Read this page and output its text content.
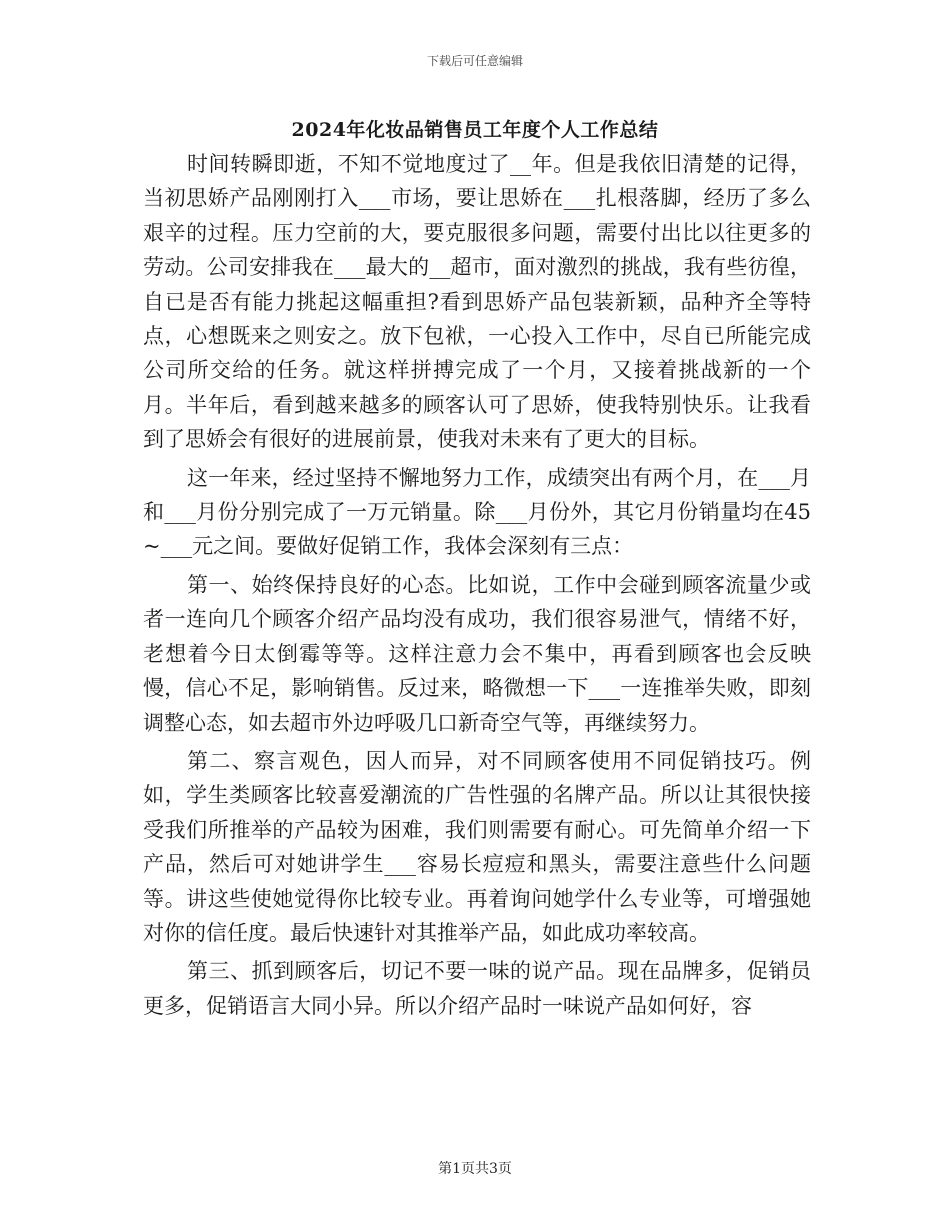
下载后可任意编辑
2024年化妆品销售员工年度个人工作总结

时间转瞬即逝，不知不觉地度过了__年。但是我依旧清楚的记得，当初思娇产品刚刚打入___市场，要让思娇在___扎根落脚，经历了多么艰辛的过程。压力空前的大，要克服很多问题，需要付出比以往更多的劳动。公司安排我在___最大的__超市，面对激烈的挑战，我有些彷徨，自已是否有能力挑起这幅重担?看到思娇产品包装新颖，品种齐全等特点，心想既来之则安之。放下包袱，一心投入工作中，尽自已所能完成公司所交给的任务。就这样拼搏完成了一个月，又接着挑战新的一个月。半年后，看到越来越多的顾客认可了思娇，使我特别快乐。让我看到了思娇会有很好的进展前景，使我对未来有了更大的目标。

这一年来，经过坚持不懈地努力工作，成绩突出有两个月，在___月和___月份分别完成了一万元销量。除___月份外，其它月份销量均在45~___元之间。要做好促销工作，我体会深刻有三点：

第一、始终保持良好的心态。比如说，工作中会碰到顾客流量少或者一连向几个顾客介绍产品均没有成功，我们很容易泄气，情绪不好，老想着今日太倒霉等等。这样注意力会不集中，再看到顾客也会反映慢，信心不足，影响销售。反过来，略微想一下___一连推举失败，即刻调整心态，如去超市外边呼吸几口新奇空气等，再继续努力。

第二、察言观色，因人而异，对不同顾客使用不同促销技巧。例如，学生类顾客比较喜爱潮流的广告性强的名牌产品。所以让其很快接受我们所推举的产品较为困难，我们则需要有耐心。可先简单介绍一下产品，然后可对她讲学生___容易长痘痘和黑头，需要注意些什么问题等。讲这些使她觉得你比较专业。再着询问她学什么专业等，可增强她对你的信任度。最后快速针对其推举产品，如此成功率较高。

第三、抓到顾客后，切记不要一味的说产品。现在品牌多，促销员更多，促销语言大同小异。所以介绍产品时一味说产品如何好，容

第1页共3页
